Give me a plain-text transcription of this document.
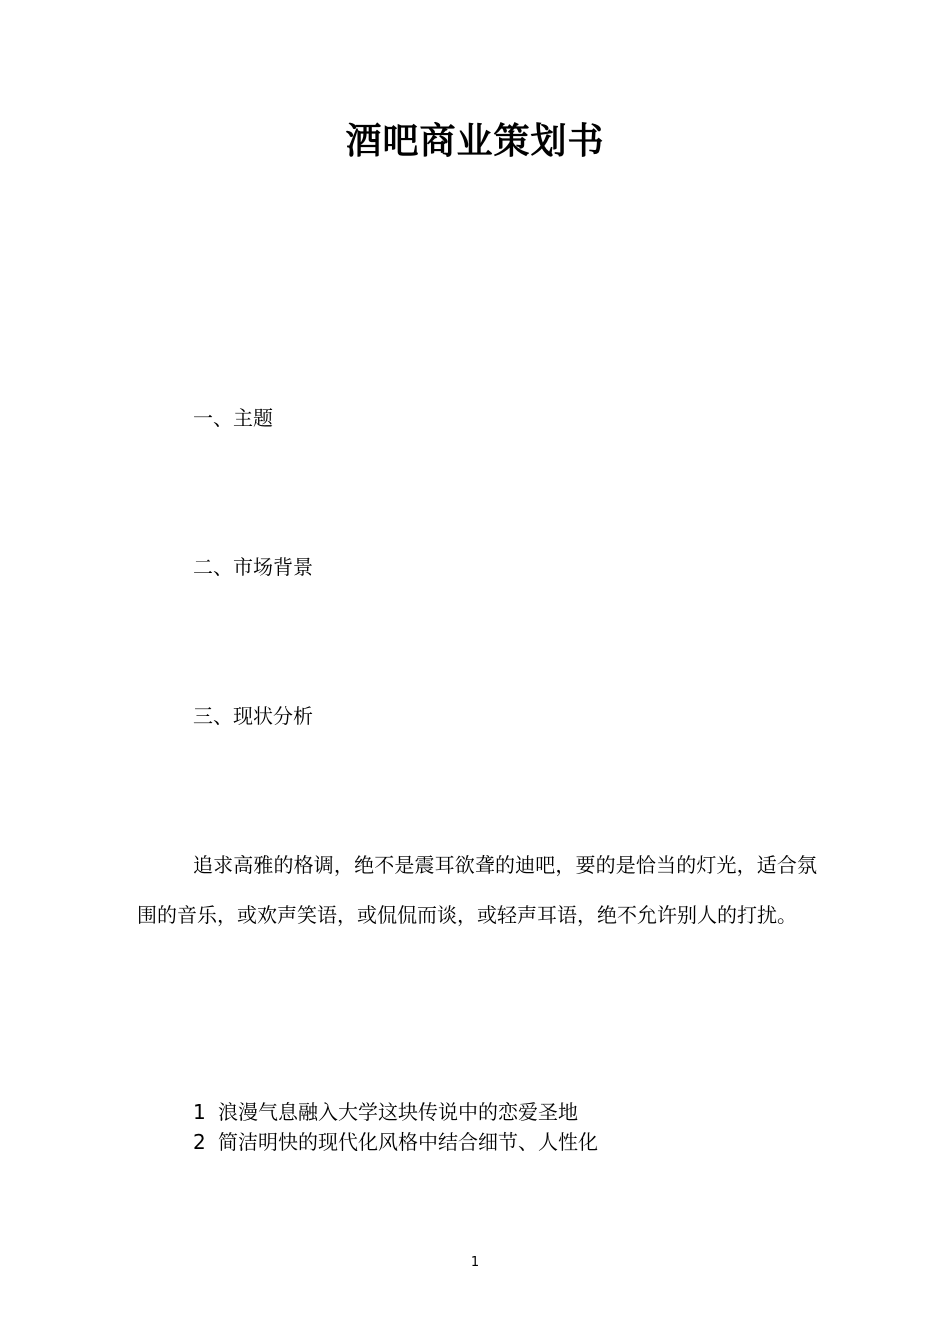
酒吧商业策划书
一、主题
二、市场背景
三、现状分析
追求高雅的格调，绝不是震耳欲聋的迪吧，要的是恰当的灯光，适合氛围的音乐，或欢声笑语，或侃侃而谈，或轻声耳语，绝不允许别人的打扰。
1 浪漫气息融入大学这块传说中的恋爱圣地
2 简洁明快的现代化风格中结合细节、人性化
1
